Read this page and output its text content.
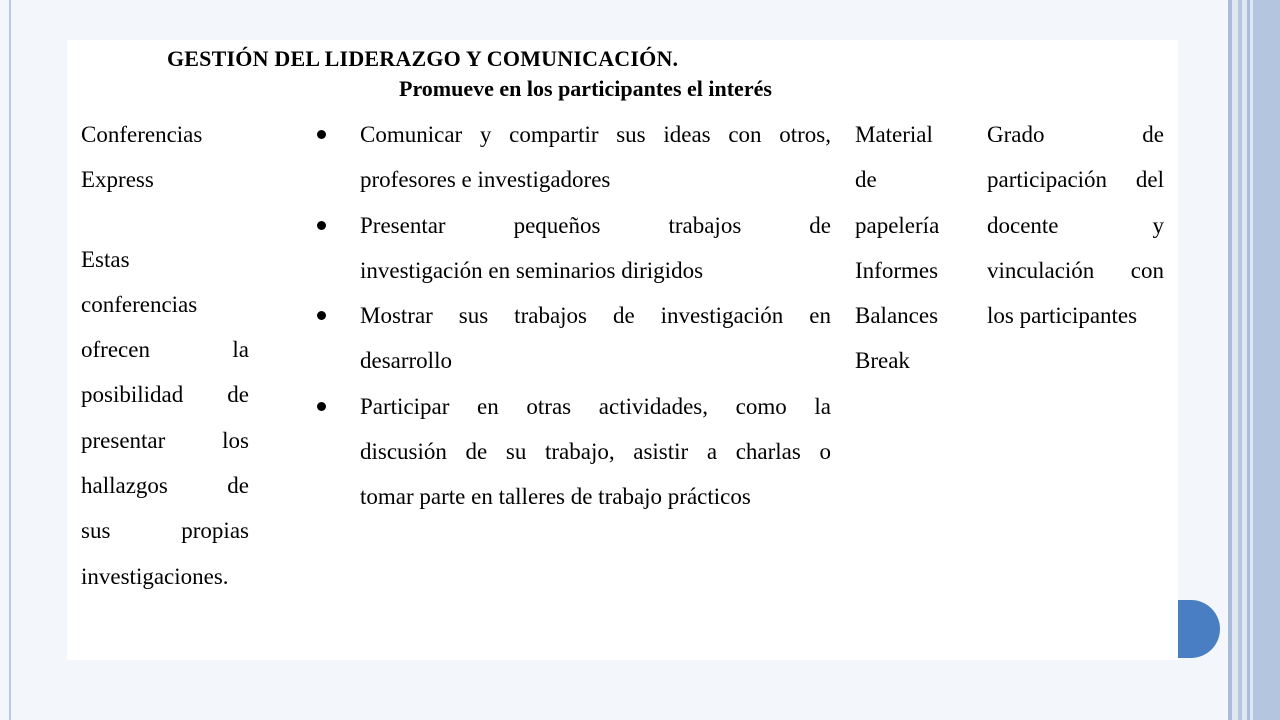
GESTIÓN DEL LIDERAZGO Y COMUNICACIÓN.
Promueve en los participantes el interés
Conferencias
Express
Estas
conferencias
ofrecen la
posibilidad de
presentar los
hallazgos de
sus propias
investigaciones.
Comunicar y compartir sus ideas con otros,
profesores e investigadores
Presentar pequeños trabajos de
investigación en seminarios dirigidos
Mostrar sus trabajos de investigación en
desarrollo
Participar en otras actividades, como la
discusión de su trabajo, asistir a charlas o
tomar parte en talleres de trabajo prácticos
Material
de
papelería
Informes
Balances
Break
Grado de
participación del
docente y
vinculación con
los participantes
